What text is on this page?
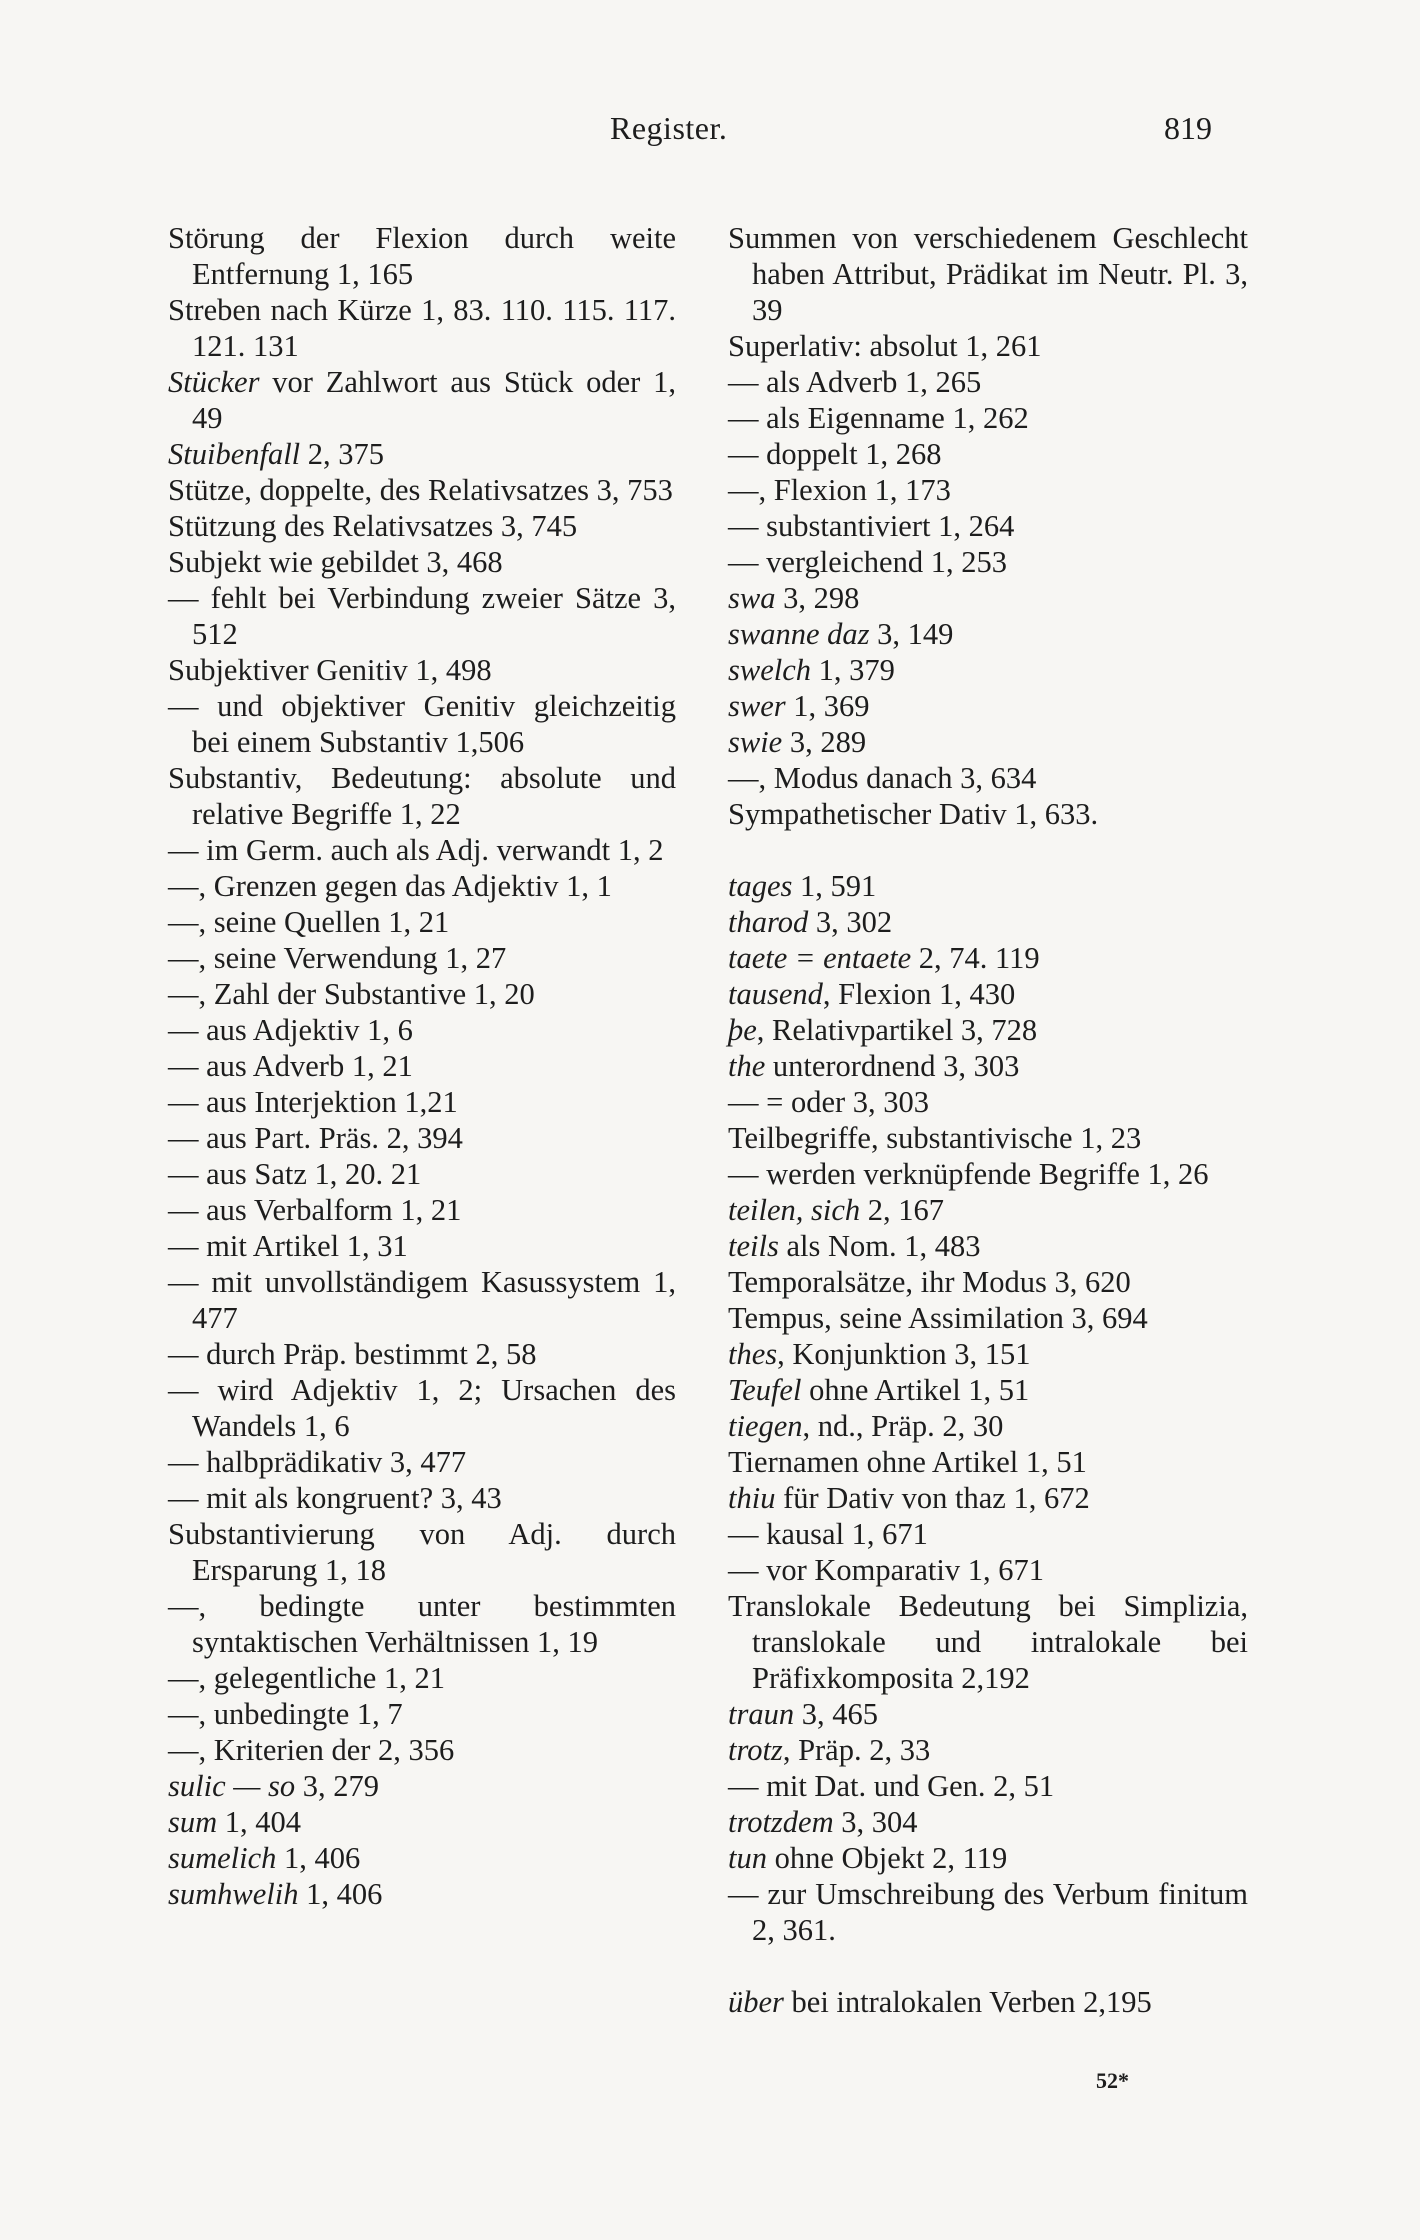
Register.	819
Störung der Flexion durch weite Entfernung 1, 165
Streben nach Kürze 1, 83. 110. 115. 117. 121. 131
Stücker vor Zahlwort aus Stück oder 1, 49
Stuibenfall 2, 375
Stütze, doppelte, des Relativsatzes 3, 753
Stützung des Relativsatzes 3, 745
Subjekt wie gebildet 3, 468
— fehlt bei Verbindung zweier Sätze 3, 512
Subjektiver Genitiv 1, 498
— und objektiver Genitiv gleichzeitig bei einem Substantiv 1,506
Substantiv, Bedeutung: absolute und relative Begriffe 1, 22
— im Germ. auch als Adj. verwandt 1, 2
—, Grenzen gegen das Adjektiv 1, 1
—, seine Quellen 1, 21
—, seine Verwendung 1, 27
—, Zahl der Substantive 1, 20
— aus Adjektiv 1, 6
— aus Adverb 1, 21
— aus Interjektion 1,21
— aus Part. Präs. 2, 394
— aus Satz 1, 20. 21
— aus Verbalform 1, 21
— mit Artikel 1, 31
— mit unvollständigem Kasussystem 1, 477
— durch Präp. bestimmt 2, 58
— wird Adjektiv 1, 2; Ursachen des Wandels 1, 6
— halbprädikativ 3, 477
— mit als kongruent? 3, 43
Substantivierung von Adj. durch Ersparung 1, 18
—, bedingte unter bestimmten syntaktischen Verhältnissen 1, 19
—, gelegentliche 1, 21
—, unbedingte 1, 7
—, Kriterien der 2, 356
sulic — so 3, 279
sum 1, 404
sumelich 1, 406
sumhwelih 1, 406
Summen von verschiedenem Geschlecht haben Attribut, Prädikat im Neutr. Pl. 3, 39
Superlativ: absolut 1, 261
— als Adverb 1, 265
— als Eigenname 1, 262
— doppelt 1, 268
—, Flexion 1, 173
— substantiviert 1, 264
— vergleichend 1, 253
swa 3, 298
swanne daz 3, 149
swelch 1, 379
swer 1, 369
swie 3, 289
—, Modus danach 3, 634
Sympathetischer Dativ 1, 633.
tages 1, 591
tharod 3, 302
taete = entaete 2, 74. 119
tausend, Flexion 1, 430
þe, Relativpartikel 3, 728
the unterordnend 3, 303
— = oder 3, 303
Teilbegriffe, substantivische 1, 23
— werden verknüpfende Begriffe 1, 26
teilen, sich 2, 167
teils als Nom. 1, 483
Temporalsätze, ihr Modus 3, 620
Tempus, seine Assimilation 3, 694
thes, Konjunktion 3, 151
Teufel ohne Artikel 1, 51
tiegen, nd., Präp. 2, 30
Tiernamen ohne Artikel 1, 51
thiu für Dativ von thaz 1, 672
— kausal 1, 671
— vor Komparativ 1, 671
Translokale Bedeutung bei Simplizia, translokale und intralokale bei Präfixkomposita 2,192
traun 3, 465
trotz, Präp. 2, 33
— mit Dat. und Gen. 2, 51
trotzdem 3, 304
tun ohne Objekt 2, 119
— zur Umschreibung des Verbum finitum 2, 361.
über bei intralokalen Verben 2,195
52*
